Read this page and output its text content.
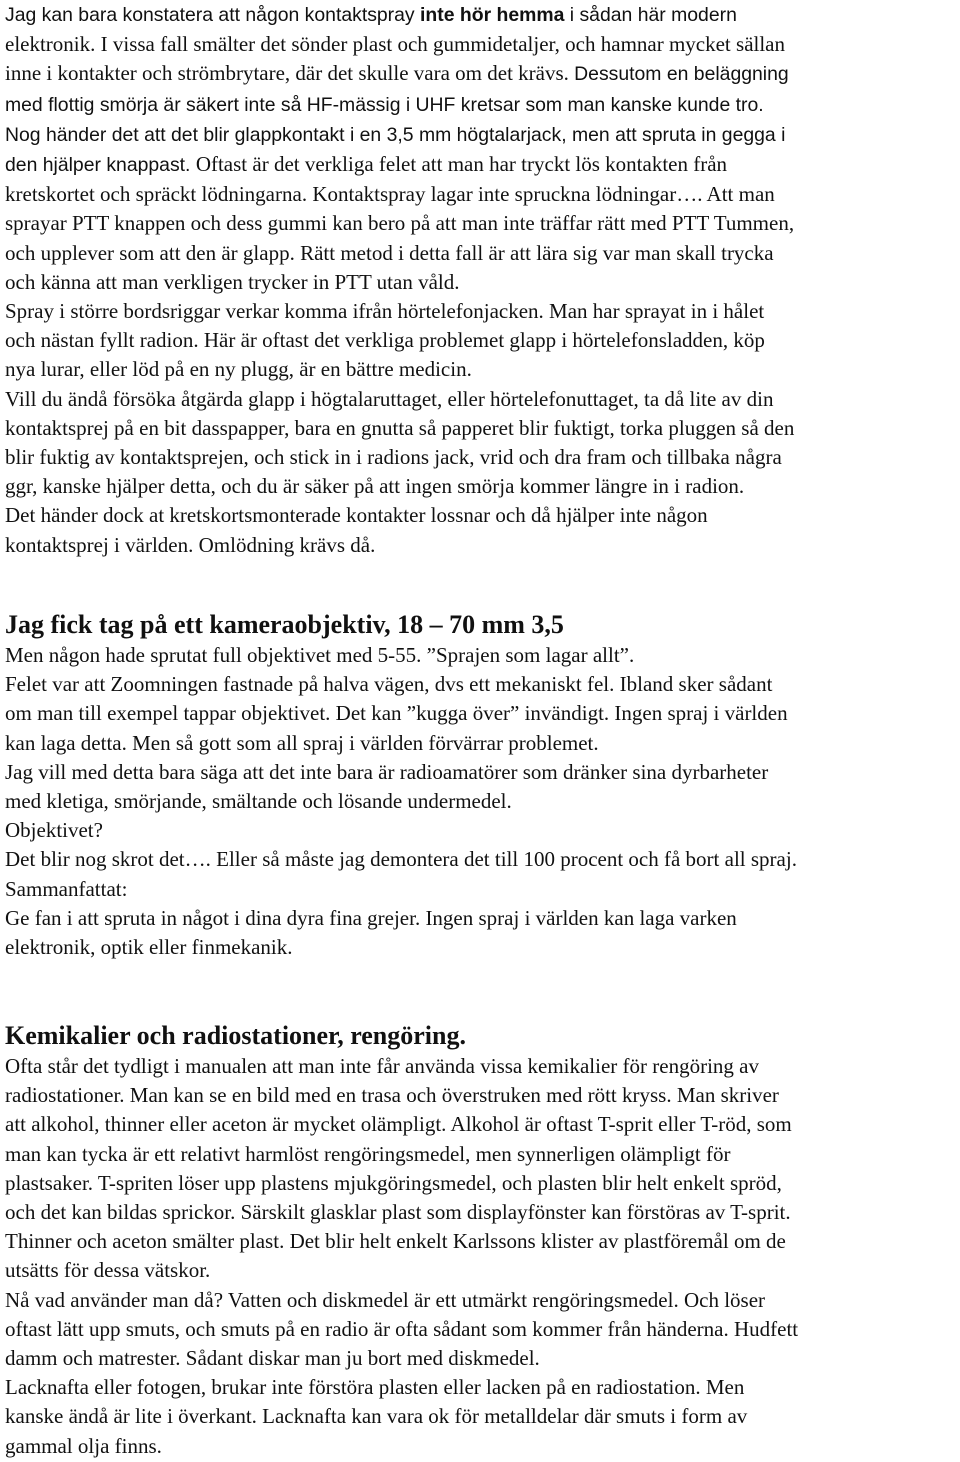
Jag kan bara konstatera att någon kontaktspray inte hör hemma i sådan här modern
elektronik. I vissa fall smälter det sönder plast och gummidetaljer, och hamnar mycket sällan
inne i kontakter och strömbrytare, där det skulle vara om det krävs. Dessutom en beläggning
med flottig smörja är säkert inte så HF-mässig i UHF kretsar som man kanske kunde tro.
Nog händer det att det blir glappkontakt i en 3,5 mm högtalarjack, men att spruta in gegga i
den hjälper knappast. Oftast är det verkliga felet att man har tryckt lös kontakten från
kretskortet och spräckt lödningarna. Kontaktspray lagar inte spruckna lödningar…. Att man
sprayar PTT knappen och dess gummi kan bero på att man inte träffar rätt med PTT Tummen,
och upplever som att den är glapp. Rätt metod i detta fall är att lära sig var man skall trycka
och känna att man verkligen trycker in PTT utan våld.
Spray i större bordsriggar verkar komma ifrån hörtelefonjacken. Man har sprayat in i hålet
och nästan fyllt radion. Här är oftast det verkliga problemet glapp i hörtelefonsladden, köp
nya lurar, eller löd på en ny plugg, är en bättre medicin.
Vill du ändå försöka åtgärda glapp i högtalaruttaget, eller hörtelefonuttaget, ta då lite av din
kontaktsprej på en bit dasspapper, bara en gnutta så papperet blir fuktigt, torka pluggen så den
blir fuktig av kontaktsprejen, och stick in i radions jack, vrid och dra fram och tillbaka några
ggr, kanske hjälper detta, och du är säker på att ingen smörja kommer längre in i radion.
Det händer dock at kretskortsmonterade kontakter lossnar och då hjälper inte någon
kontaktsprej i världen. Omlödning krävs då.
Jag fick tag på ett kameraobjektiv, 18 – 70 mm 3,5
Men någon hade sprutat full objektivet med 5-55. ”Sprajen som lagar allt”.
Felet var att Zoomningen fastnade på halva vägen, dvs ett mekaniskt fel. Ibland sker sådant
om man till exempel tappar objektivet. Det kan ”kugga över” invändigt. Ingen spraj i världen
kan laga detta. Men så gott som all spraj i världen förvärrar problemet.
Jag vill med detta bara säga att det inte bara är radioamatörer som dränker sina dyrbarheter
med kletiga, smörjande, smältande och lösande undermedel.
Objektivet?
Det blir nog skrot det…. Eller så måste jag demontera det till 100 procent och få bort all spraj.
Sammanfattat:
Ge fan i att spruta in något i dina dyra fina grejer. Ingen spraj i världen kan laga varken
elektronik, optik eller finmekanik.
Kemikalier och radiostationer, rengöring.
Ofta står det tydligt i manualen att man inte får använda vissa kemikalier för rengöring av
radiostationer. Man kan se en bild med en trasa och överstruken med rött kryss. Man skriver
att alkohol, thinner eller aceton är mycket olämpligt. Alkohol är oftast T-sprit eller T-röd, som
man kan tycka är ett relativt harmlöst rengöringsmedel, men synnerligen olämpligt för
plastsaker. T-spriten löser upp plastens mjukgöringsmedel, och plasten blir helt enkelt spröd,
och det kan bildas sprickor. Särskilt glasklar plast som displayfönster kan förstöras av T-sprit.
Thinner och aceton smälter plast. Det blir helt enkelt Karlssons klister av plastföremål om de
utsätts för dessa vätskor.
Nå vad använder man då? Vatten och diskmedel är ett utmärkt rengöringsmedel. Och löser
oftast lätt upp smuts, och smuts på en radio är ofta sådant som kommer från händerna. Hudfett
damm och matrester. Sådant diskar man ju bort med diskmedel.
Lacknafta eller fotogen, brukar inte förstöra plasten eller lacken på en radiostation. Men
kanske ändå är lite i överkant. Lacknafta kan vara ok för metalldelar där smuts i form av
gammal olja finns.
